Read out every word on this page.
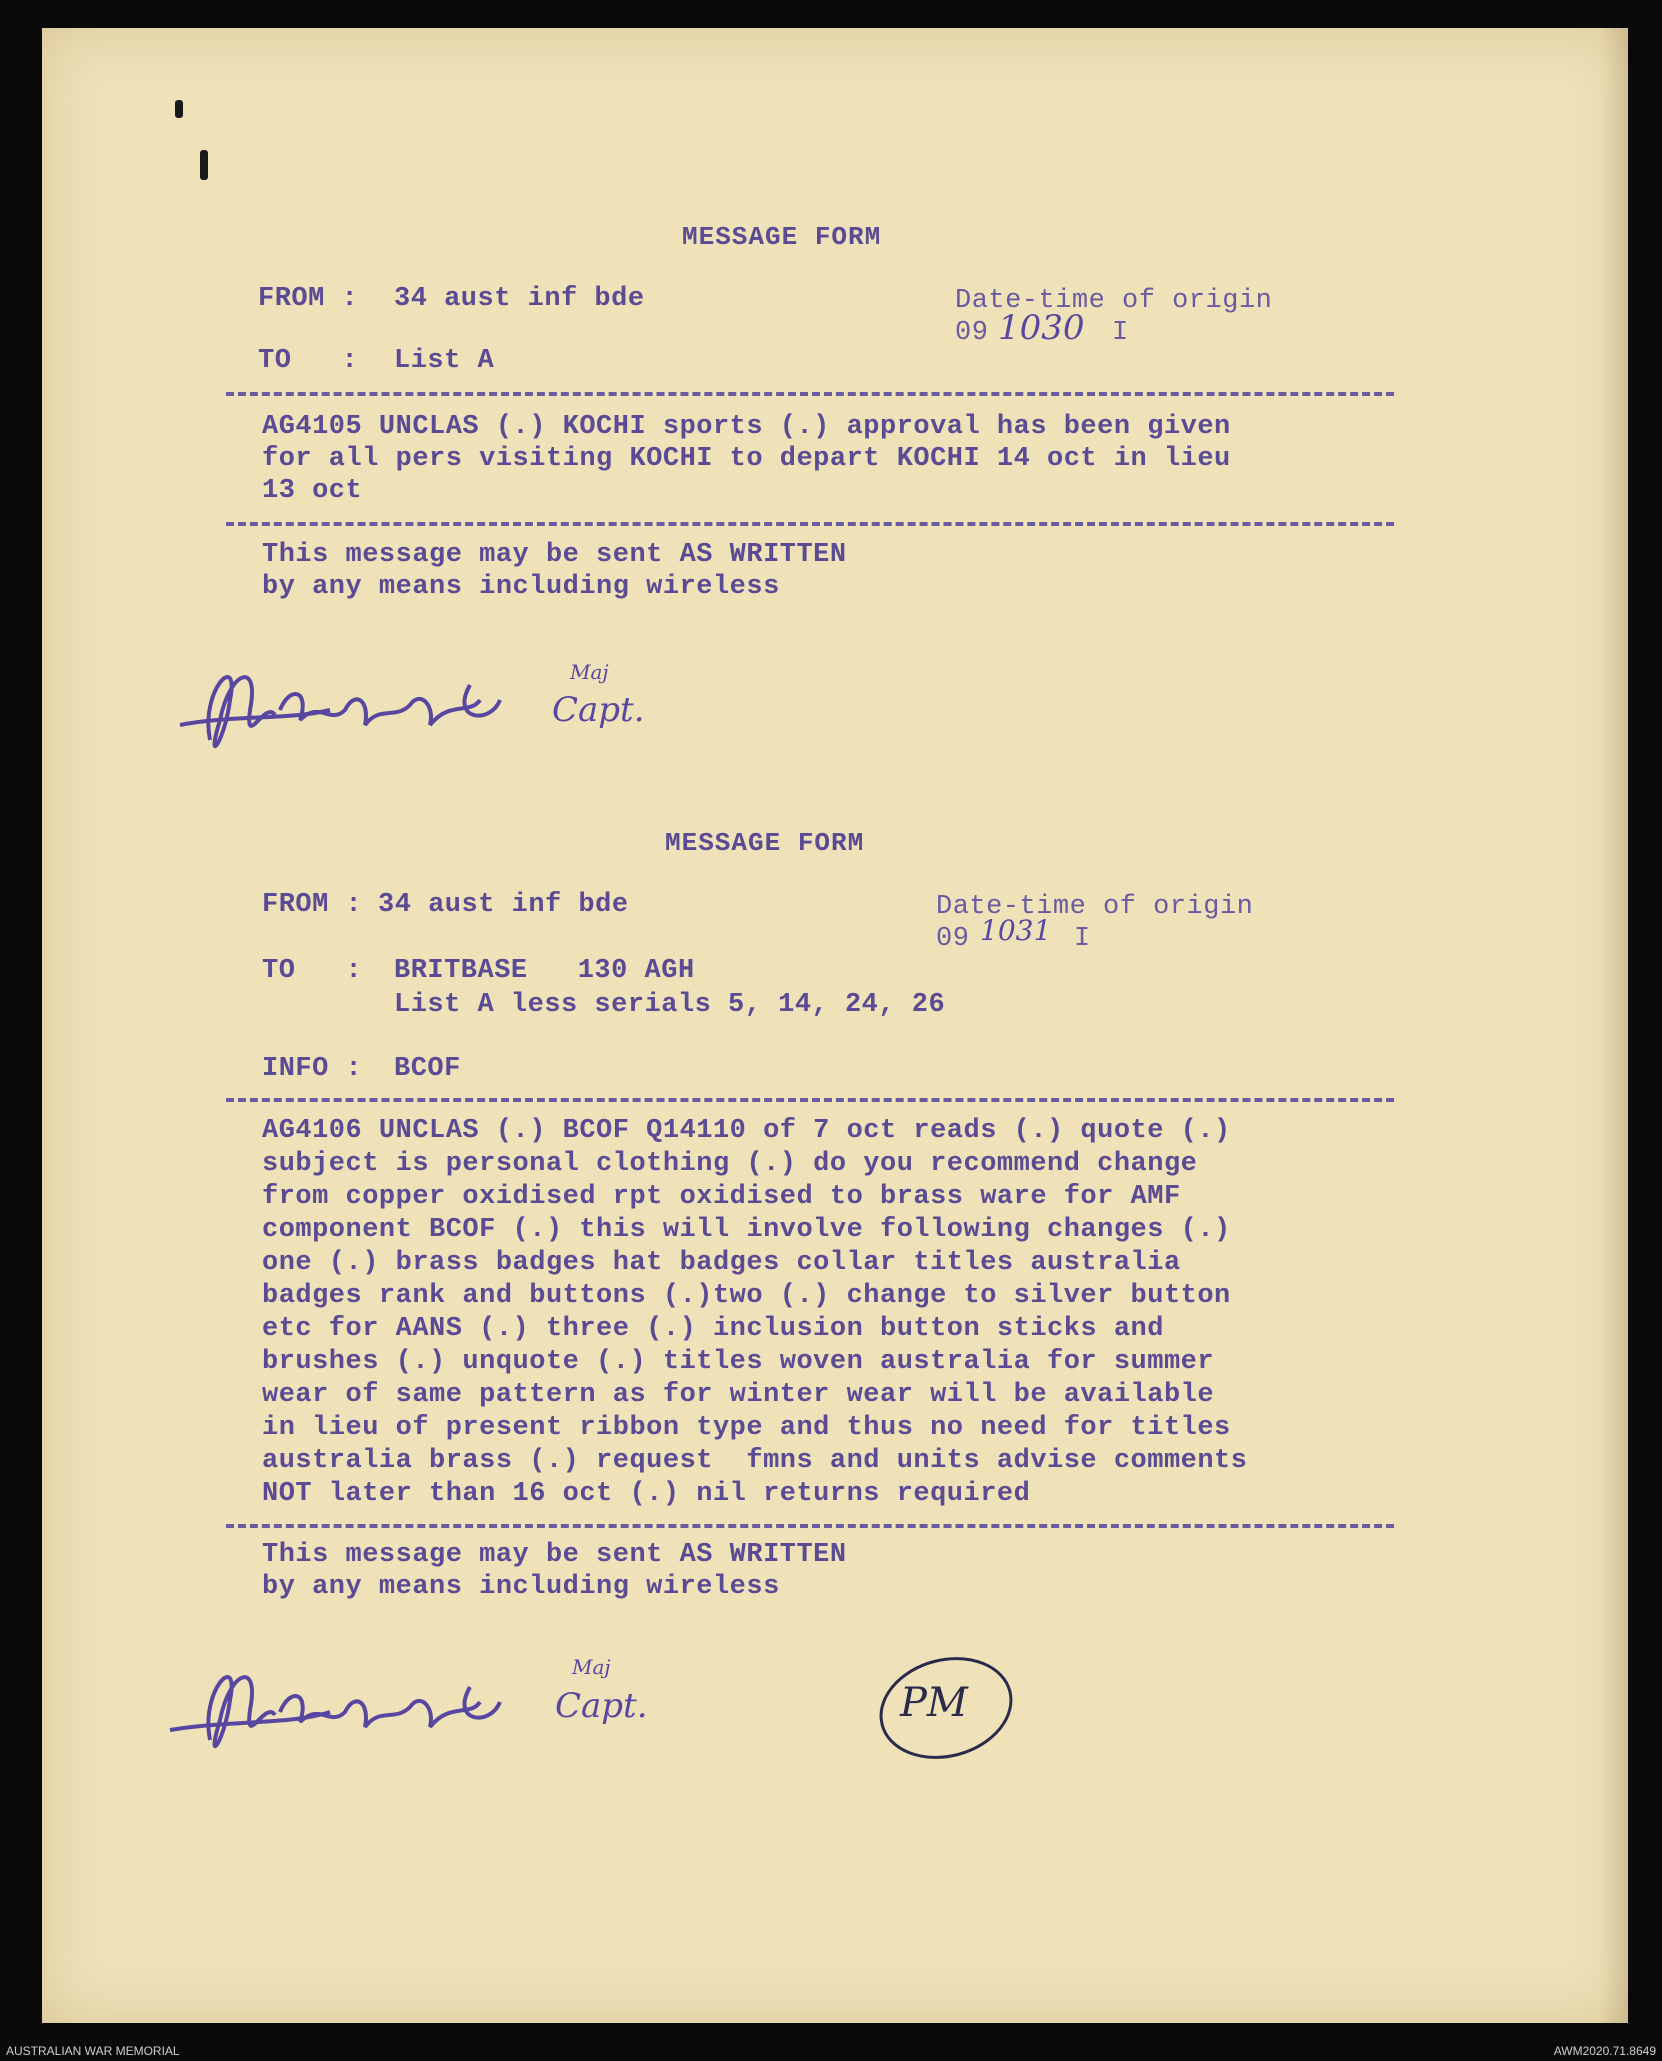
MESSAGE FORM
FROM : 34 aust inf bde	Date-time of origin
09 1030 I
TO   : List A
AG4105 UNCLAS (.) KOCHI sports (.) approval has been given
for all pers visiting KOCHI to depart KOCHI 14 oct in lieu
13 oct
This message may be sent AS WRITTEN
by any means including wireless
Maj
Capt.
MESSAGE FORM
FROM : 34 aust inf bde	Date-time of origin
09 1031 I
TO   : BRITBASE   130 AGH
List A less serials 5, 14, 24, 26
INFO : BCOF
AG4106 UNCLAS (.) BCOF Q14110 of 7 oct reads (.) quote (.)
subject is personal clothing (.) do you recommend change
from copper oxidised rpt oxidised to brass ware for AMF
component BCOF (.) this will involve following changes (.)
one (.) brass badges hat badges collar titles australia
badges rank and buttons (.)two (.) change to silver button
etc for AANS (.) three (.) inclusion button sticks and
brushes (.) unquote (.) titles woven australia for summer
wear of same pattern as for winter wear will be available
in lieu of present ribbon type and thus no need for titles
australia brass (.) request  fmns and units advise comments
NOT later than 16 oct (.) nil returns required
This message may be sent AS WRITTEN
by any means including wireless
Maj
Capt.	PM
AUSTRALIAN WAR MEMORIAL	AWM2020.71.8649
